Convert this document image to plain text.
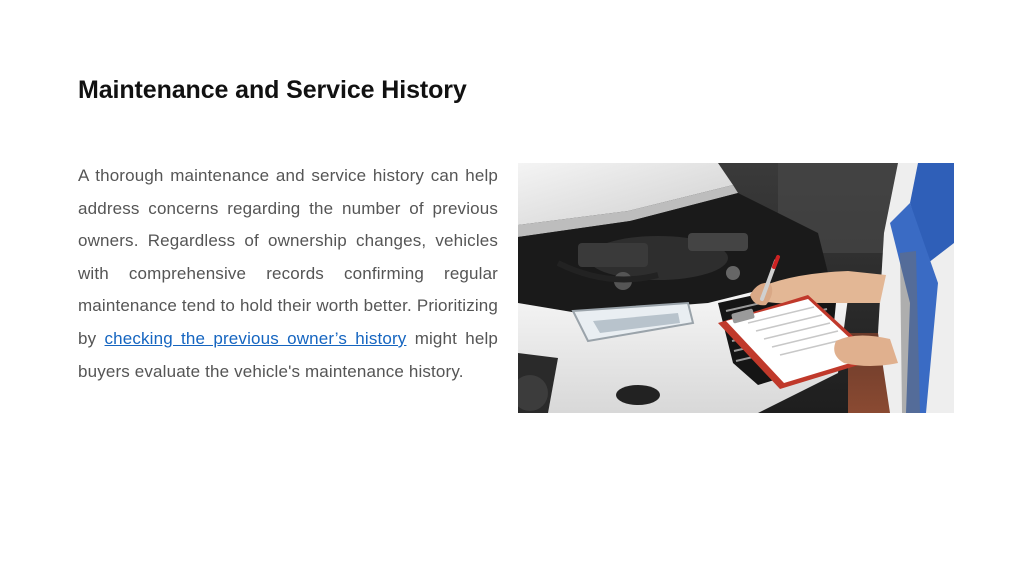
Maintenance and Service History

A thorough maintenance and service history can help address concerns regarding the number of previous owners. Regardless of ownership changes, vehicles with comprehensive records confirming regular maintenance tend to hold their worth better. Prioritizing by checking the previous owner’s history might help buyers evaluate the vehicle's maintenance history.
